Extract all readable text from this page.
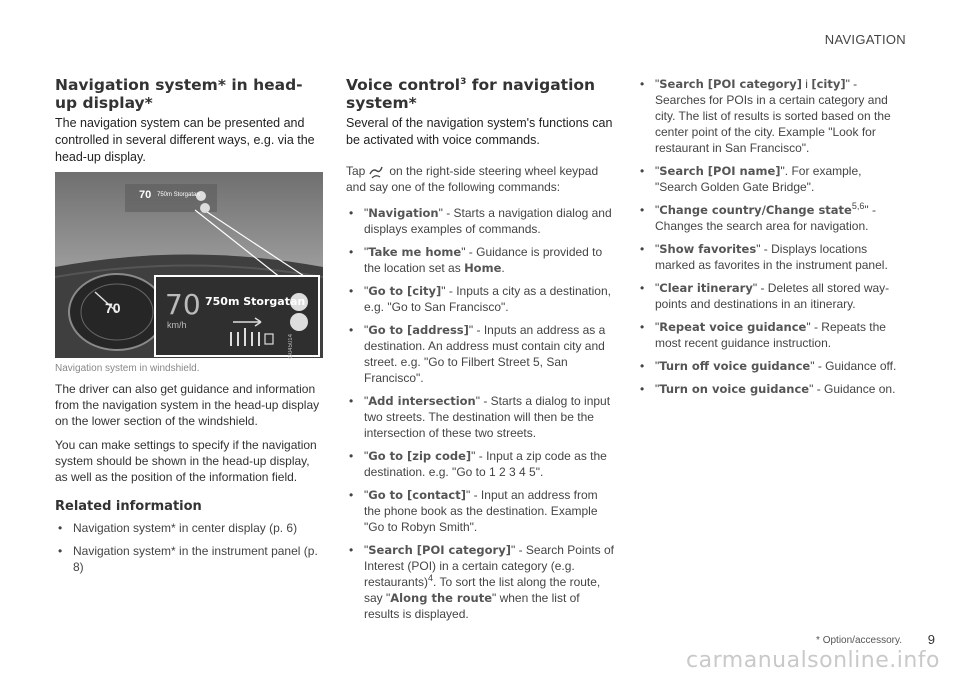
NAVIGATION
Navigation system* in head-up display*

The navigation system can be presented and controlled in several different ways, e.g. via the head-up display.

70 750m Storgatan
70 70
km/h
750m Storgatan
G045014
Navigation system in windshield.

The driver can also get guidance and information from the navigation system in the head-up display on the lower section of the windshield.

You can make settings to specify if the navigation system should be shown in the head-up display, as well as the position of the information field.

Related information
• Navigation system* in center display (p. 6)
• Navigation system* in the instrument panel (p. 8)
Voice control$^3$ for navigation system*

Several of the navigation system's functions can be activated with voice commands.

Tap on the right-side steering wheel keypad and say one of the following commands:

• "Navigation" - Starts a navigation dialog and displays examples of commands.
• "Take me home" - Guidance is provided to the location set as Home.
• "Go to [city]" - Inputs a city as a destination, e.g. "Go to San Francisco".
• "Go to [address]" - Inputs an address as a destination. An address must contain city and street. e.g. "Go to Filbert Street 5, San Francisco".
• "Add intersection" - Starts a dialog to input two streets. The destination will then be the intersection of these two streets.
• "Go to [zip code]" - Input a zip code as the destination. e.g. "Go to 1 2 3 4 5".
• "Go to [contact]" - Input an address from the phone book as the destination. Example "Go to Robyn Smith".
• "Search [POI category]" - Search Points of Interest (POI) in a certain category (e.g. restaurants)$^4$. To sort the list along the route, say "Along the route" when the list of results is displayed.
• "Search [POI category] i [city]" - Searches for POIs in a certain category and city. The list of results is sorted based on the center point of the city. Example "Look for restaurant in San Francisco".
• "Search [POI name]". For example, "Search Golden Gate Bridge".
• "Change country/Change state$^{5,6}$" - Changes the search area for navigation.
• "Show favorites" - Displays locations marked as favorites in the instrument panel.
• "Clear itinerary" - Deletes all stored way-points and destinations in an itinerary.
• "Repeat voice guidance" - Repeats the most recent guidance instruction.
• "Turn off voice guidance" - Guidance off.
• "Turn on voice guidance" - Guidance on.
* Option/accessory. 9
carmanualsonline.info
